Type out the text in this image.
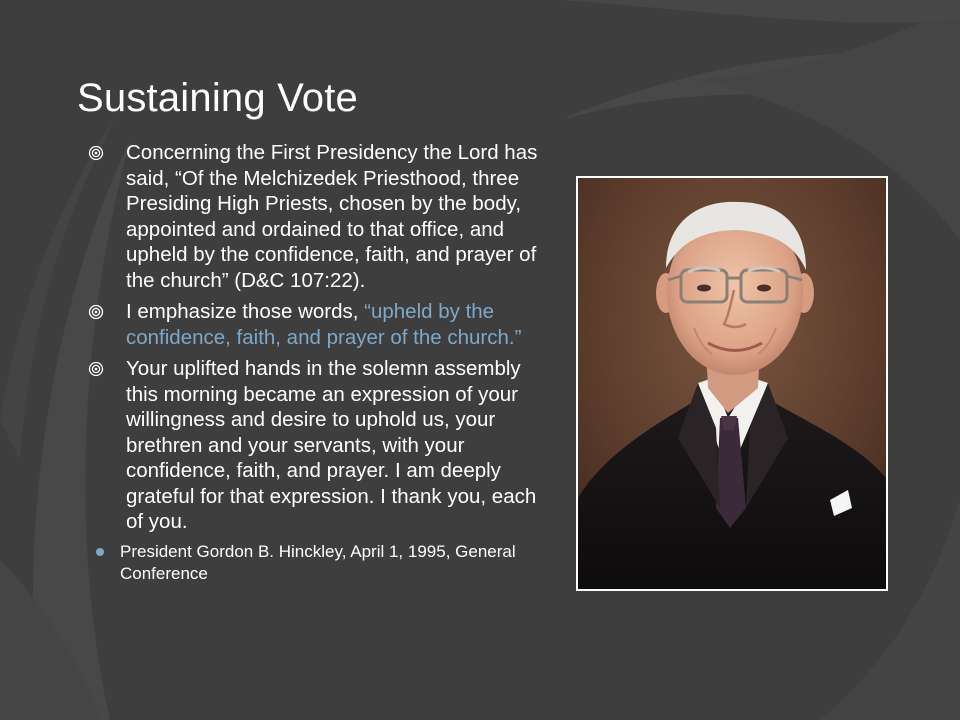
Sustaining Vote
Concerning the First Presidency the Lord has said, “Of the Melchizedek Priesthood, three Presiding High Priests, chosen by the body, appointed and ordained to that office, and upheld by the confidence, faith, and prayer of the church” (D&C 107:22).
I emphasize those words, “upheld by the confidence, faith, and prayer of the church.”
Your uplifted hands in the solemn assembly this morning became an expression of your willingness and desire to uphold us, your brethren and your servants, with your confidence, faith, and prayer. I am deeply grateful for that expression. I thank you, each of you.
President Gordon B. Hinckley, April 1, 1995, General Conference
